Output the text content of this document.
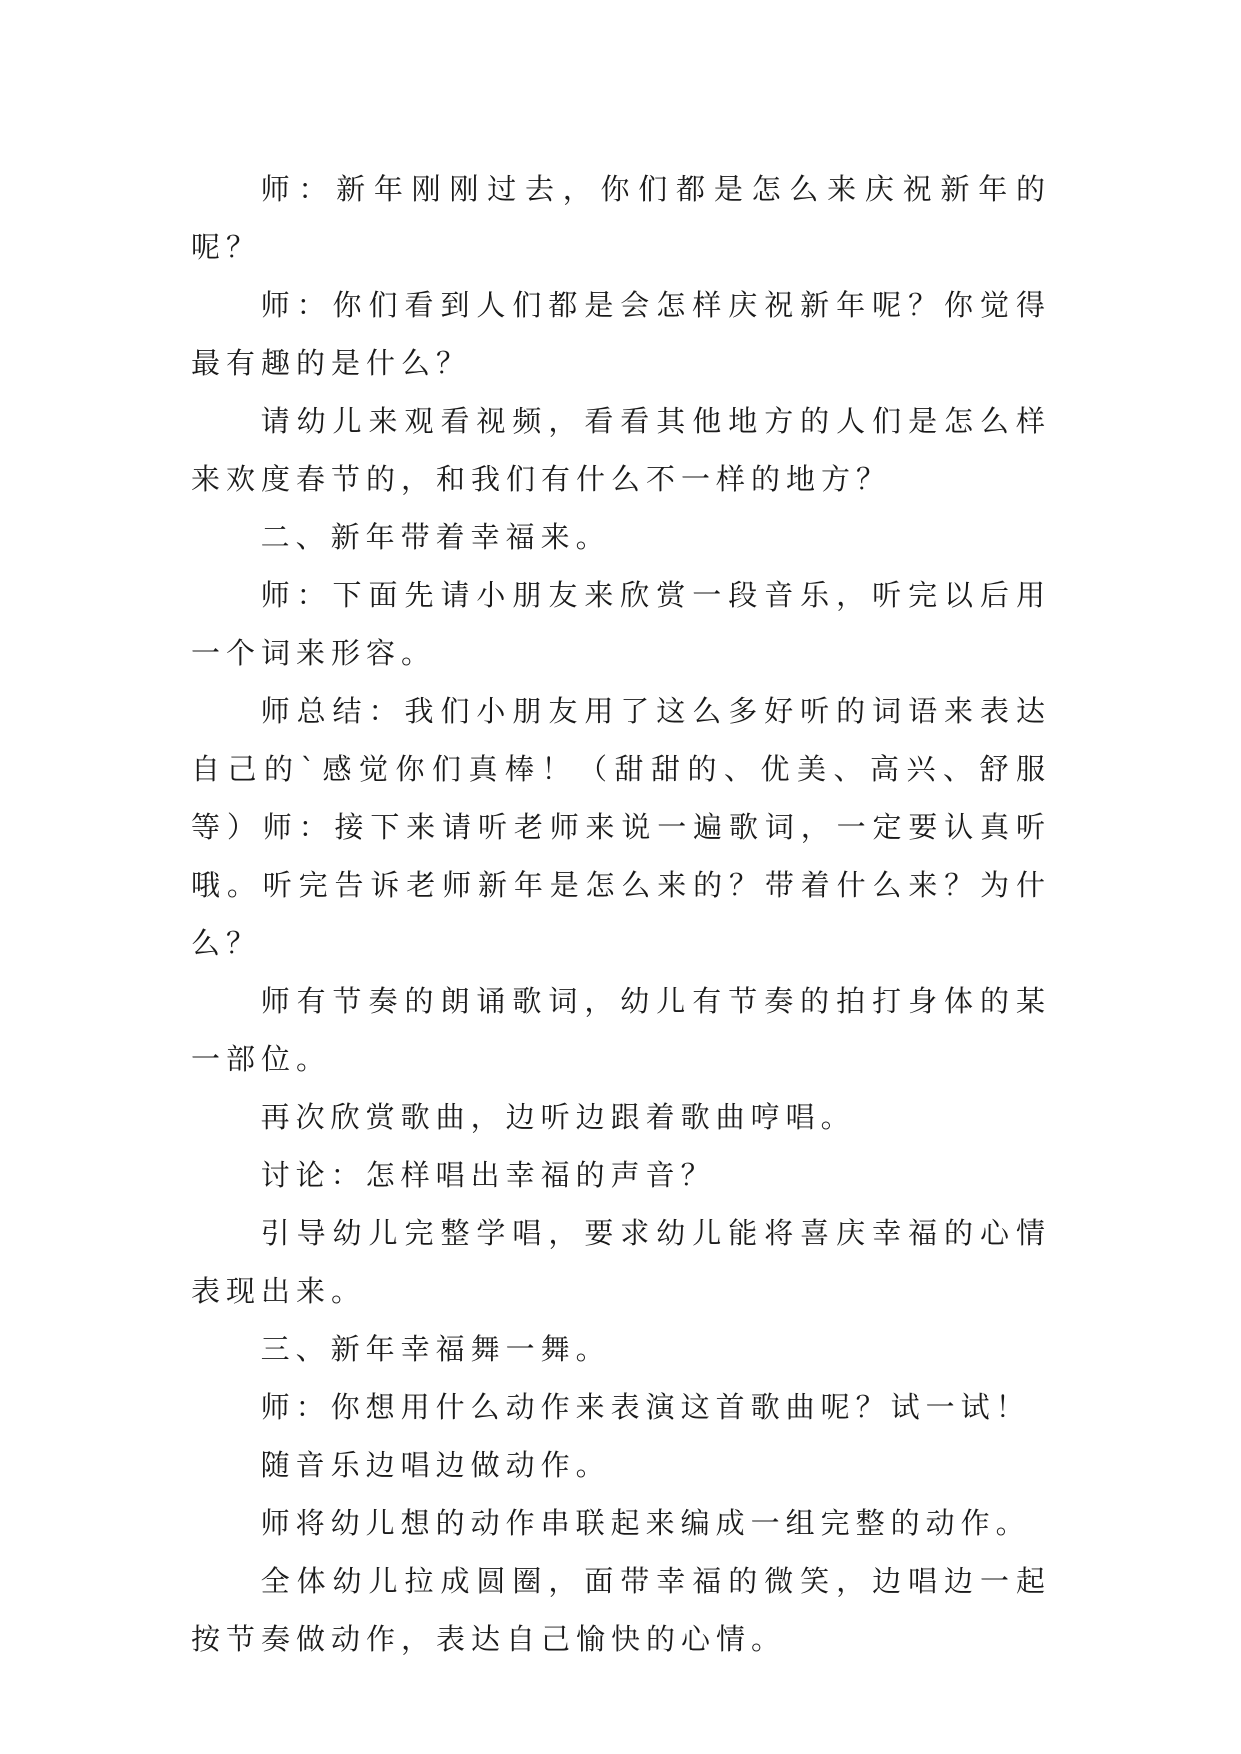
师：新年刚刚过去，你们都是怎么来庆祝新年的呢？

师：你们看到人们都是会怎样庆祝新年呢？你觉得最有趣的是什么？

请幼儿来观看视频，看看其他地方的人们是怎么样来欢度春节的，和我们有什么不一样的地方？

二、新年带着幸福来。

师：下面先请小朋友来欣赏一段音乐，听完以后用一个词来形容。

师总结：我们小朋友用了这么多好听的词语来表达自己的`感觉你们真棒！（甜甜的、优美、高兴、舒服等）师：接下来请听老师来说一遍歌词，一定要认真听哦。听完告诉老师新年是怎么来的？带着什么来？为什么？

师有节奏的朗诵歌词，幼儿有节奏的拍打身体的某一部位。

再次欣赏歌曲，边听边跟着歌曲哼唱。

讨论：怎样唱出幸福的声音？

引导幼儿完整学唱，要求幼儿能将喜庆幸福的心情表现出来。

三、新年幸福舞一舞。

师：你想用什么动作来表演这首歌曲呢？试一试！

随音乐边唱边做动作。

师将幼儿想的动作串联起来编成一组完整的动作。

全体幼儿拉成圆圈，面带幸福的微笑，边唱边一起按节奏做动作，表达自己愉快的心情。
